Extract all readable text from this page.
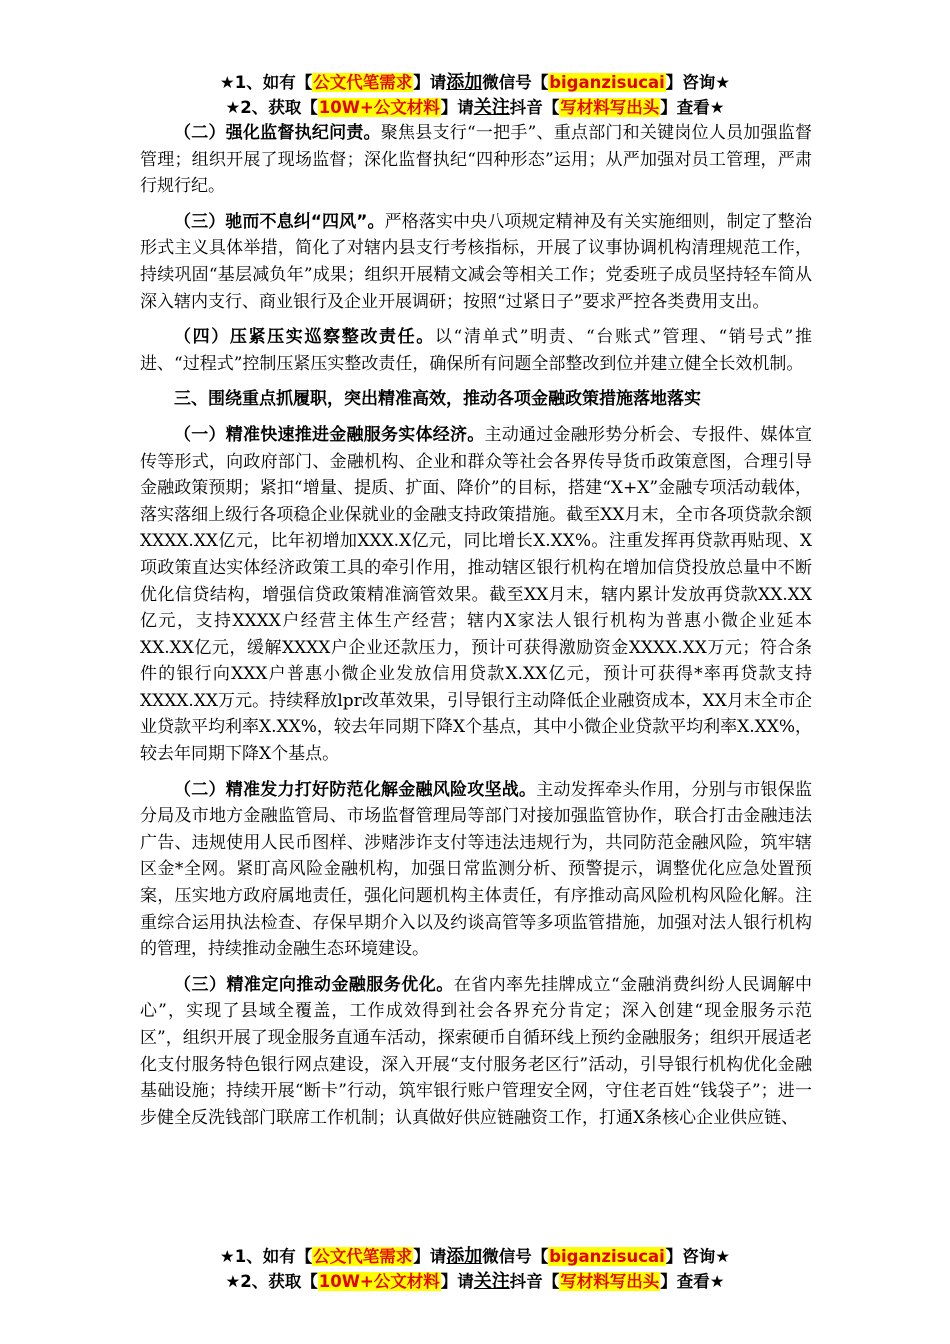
★1、如有【公文代笔需求】请添加微信号【biganzisucai】咨询★
★2、获取【10W+公文材料】请关注抖音【写材料写出头】查看★

（二）强化监督执纪问责。聚焦县支行“一把手”、重点部门和关键岗位人员加强监督管理；组织开展了现场监督；深化监督执纪“四种形态”运用；从严加强对员工管理，严肃行规行纪。

（三）驰而不息纠“四风”。严格落实中央八项规定精神及有关实施细则，制定了整治形式主义具体举措，简化了对辖内县支行考核指标，开展了议事协调机构清理规范工作，持续巩固“基层减负年”成果；组织开展精文减会等相关工作；党委班子成员坚持轻车简从深入辖内支行、商业银行及企业开展调研；按照“过紧日子”要求严控各类费用支出。

（四）压紧压实巡察整改责任。以“清单式”明责、“台账式”管理、“销号式”推进、“过程式”控制压紧压实整改责任，确保所有问题全部整改到位并建立健全长效机制。

三、围绕重点抓履职，突出精准高效，推动各项金融政策措施落地落实

（一）精准快速推进金融服务实体经济。主动通过金融形势分析会、专报件、媒体宣传等形式，向政府部门、金融机构、企业和群众等社会各界传导货币政策意图，合理引导金融政策预期；紧扣“增量、提质、扩面、降价”的目标，搭建“X+X”金融专项活动载体，落实落细上级行各项稳企业保就业的金融支持政策措施。截至XX月末，全市各项贷款余额XXXX.XX亿元，比年初增加XXX.X亿元，同比增长X.XX%。注重发挥再贷款再贴现、X项政策直达实体经济政策工具的牵引作用，推动辖区银行机构在增加信贷投放总量中不断优化信贷结构，增强信贷政策精准滴管效果。截至XX月末，辖内累计发放再贷款XX.XX亿元，支持XXXX户经营主体生产经营；辖内X家法人银行机构为普惠小微企业延本XX.XX亿元，缓解XXXX户企业还款压力，预计可获得激励资金XXXX.XX万元；符合条件的银行向XXX户普惠小微企业发放信用贷款X.XX亿元，预计可获得*率再贷款支持XXXX.XX万元。持续释放lpr改革效果，引导银行主动降低企业融资成本，XX月末全市企业贷款平均利率X.XX%，较去年同期下降X个基点，其中小微企业贷款平均利率X.XX%，较去年同期下降X个基点。

（二）精准发力打好防范化解金融风险攻坚战。主动发挥牵头作用，分别与市银保监分局及市地方金融监管局、市场监督管理局等部门对接加强监管协作，联合打击金融违法广告、违规使用人民币图样、涉赌涉诈支付等违法违规行为，共同防范金融风险，筑牢辖区金*全网。紧盯高风险金融机构，加强日常监测分析、预警提示，调整优化应急处置预案，压实地方政府属地责任，强化问题机构主体责任，有序推动高风险机构风险化解。注重综合运用执法检查、存保早期介入以及约谈高管等多项监管措施，加强对法人银行机构的管理，持续推动金融生态环境建设。

（三）精准定向推动金融服务优化。在省内率先挂牌成立“金融消费纠纷人民调解中心”，实现了县域全覆盖，工作成效得到社会各界充分肯定；深入创建“现金服务示范区”，组织开展了现金服务直通车活动，探索硬币自循环线上预约金融服务；组织开展适老化支付服务特色银行网点建设，深入开展“支付服务老区行”活动，引导银行机构优化金融基础设施；持续开展“断卡”行动，筑牢银行账户管理安全网，守住老百姓“钱袋子”；进一步健全反洗钱部门联席工作机制；认真做好供应链融资工作，打通X条核心企业供应链、

★1、如有【公文代笔需求】请添加微信号【biganzisucai】咨询★
★2、获取【10W+公文材料】请关注抖音【写材料写出头】查看★
